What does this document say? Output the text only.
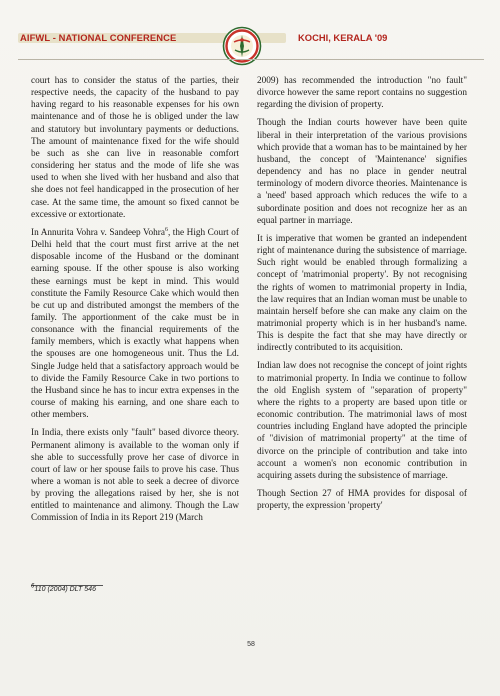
AIFWL - NATIONAL CONFERENCE	KOCHI, KERALA '09

court has to consider the status of the parties, their respective needs, the capacity of the husband to pay having regard to his reasonable expenses for his own maintenance and of those he is obliged under the law and statutory but involuntary payments or deductions. The amount of maintenance fixed for the wife should be such as she can live in reasonable comfort considering her status and the mode of life she was used to when she lived with her husband and also that she does not feel handicapped in the prosecution of her case. At the same time, the amount so fixed cannot be excessive or extortionate.

In Annurita Vohra v. Sandeep Vohra$^6$, the High Court of Delhi held that the court must first arrive at the net disposable income of the Husband or the dominant earning spouse. If the other spouse is also working these earnings must be kept in mind. This would constitute the Family Resource Cake which would then be cut up and distributed amongst the members of the family. The apportionment of the cake must be in consonance with the financial requirements of the family members, which is exactly what happens when the spouses are one homogeneous unit. Thus the Ld. Single Judge held that a satisfactory approach would be to divide the Family Resource Cake in two portions to the Husband since he has to incur extra expenses in the course of making his earning, and one share each to other members.

In India, there exists only "fault" based divorce theory. Permanent alimony is available to the woman only if she able to successfully prove her case of divorce in court of law or her spouse fails to prove his case. Thus where a woman is not able to seek a decree of divorce by proving the allegations raised by her, she is not entitled to maintenance and alimony. Though the Law Commission of India in its Report 219 (March

2009) has recommended the introduction "no fault" divorce however the same report contains no suggestion regarding the division of property.

Though the Indian courts however have been quite liberal in their interpretation of the various provisions which provide that a woman has to be maintained by her husband, the concept of 'Maintenance' signifies dependency and has no place in gender neutral terminology of modern divorce theories. Maintenance is a 'need' based approach which reduces the wife to a subordinate position and does not recognize her as an equal partner in marriage.

It is imperative that women be granted an independent right of maintenance during the subsistence of marriage. Such right would be enabled through formalizing a concept of 'matrimonial property'. By not recognising the rights of women to matrimonial property in India, the law requires that an Indian woman must be unable to maintain herself before she can make any claim on the matrimonial property which is in her husband's name. This is despite the fact that she may have directly or indirectly contributed to its acquisition.

Indian law does not recognise the concept of joint rights to matrimonial property. In India we continue to follow the old English system of "separation of property" where the rights to a property are based upon title or economic contribution. The matrimonial laws of most countries including England have adopted the principle of "division of matrimonial property" at the time of divorce on the principle of contribution and take into account a women's non economic contribution in acquiring assets during the subsistence of marriage.

Though Section 27 of HMA provides for disposal of property, the expression 'property'

$^6$110 (2004) DLT 546
58
